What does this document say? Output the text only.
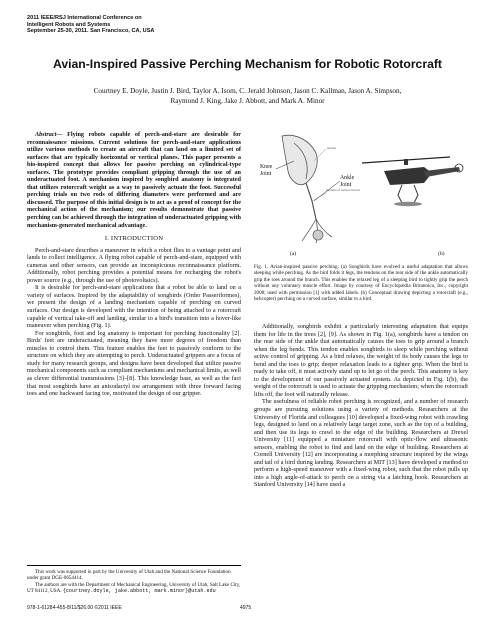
2011 IEEE/RSJ International Conference on
Intelligent Robots and Systems
September 25-30, 2011. San Francisco, CA, USA
Avian-Inspired Passive Perching Mechanism for Robotic Rotorcraft
Courtney E. Doyle, Justin J. Bird, Taylor A. Isom, C. Jerald Johnson, Jason C. Kallman, Jason A. Simpson,
Raymond J. King, Jake J. Abbott, and Mark A. Minor

Abstract— Flying robots capable of perch-and-stare are desirable for reconnaissance missions. Current solutions for perch-and-stare applications utilize various methods to create an aircraft that can land on a limited set of surfaces that are typically horizontal or vertical planes. This paper presents a bio-inspired concept that allows for passive perching on cylindrical-type surfaces. The prototype provides compliant gripping through the use of an underactuated foot. A mechanism inspired by songbird anatomy is integrated that utilizes rotorcraft weight as a way to passively actuate the foot. Successful perching trials on two rods of differing diameters were performed and are discussed. The purpose of this initial design is to act as a proof of concept for the mechanical action of the mechanism; our results demonstrate that passive perching can be achieved through the integration of underactuated gripping with mechanism-generated mechanical advantage.

I. INTRODUCTION

Perch-and-stare describes a maneuver in which a robot flies to a vantage point and lands to collect intelligence. A flying robot capable of perch-and-stare, equipped with cameras and other sensors, can provide an inconspicuous reconnaissance platform. Additionally, robot perching provides a potential means for recharging the robot's power source (e.g., through the use of photovoltaics).

It is desirable for perch-and-stare applications that a robot be able to land on a variety of surfaces. Inspired by the adaptability of songbirds (Order Passeriformes), we present the design of a landing mechanism capable of perching on curved surfaces. Our design is developed with the intention of being attached to a rotorcraft capable of vertical take-off and landing, similar to a bird's transition into a hover-like maneuver when perching (Fig. 1).

For songbirds, foot and leg anatomy is important for perching functionality [2]. Birds' feet are underactuated, meaning they have more degrees of freedom than muscles to control them. This feature enables the feet to passively conform to the structure on which they are attempting to perch. Underactuated grippers are a focus of study for many research groups, and designs have been developed that utilize passive mechanical components such as compliant mechanisms and mechanical limits, as well as clever differential transmissions [3]–[8]. This knowledge base, as well as the fact that most songbirds have an anisodactyl toe arrangement with three forward facing toes and one backward facing toe, motivated the design of our gripper.

This work was supported in part by the University of Utah and the National Science Foundation under grant DGE-0654414.

The authors are with the Department of Mechanical Engineering, University of Utah, Salt Lake City, UT 84112, USA. {courtney.doyle, jake.abbott, mark.minor}@utah.edu

978-1-61284-455-8/11/$26.00 ©2011 IEEE	4975
Knee
Joint
tendon
tendons of various flexors
Ankle
Joint
(a)	(b)
Fig. 1. Avian-inspired passive perching. (a) Songbirds have evolved a useful adaptation that allows sleeping while perching. As the bird folds it legs, the tendons on the rear side of the ankle automatically grip the toes around the branch. This enables the relaxed leg of a sleeping bird to tightly grip the perch without any voluntary muscle effort. Image by courtesy of Encyclopædia Britannica, Inc., copyright 2008; used with permission [1] with added labels. (b) Conceptual drawing depicting a rotorcraft (e.g., helicopter) perching on a curved surface, similar to a bird.

Additionally, songbirds exhibit a particularly interesting adaptation that equips them for life in the trees [2], [9]. As shown in Fig. 1(a), songbirds have a tendon on the rear side of the ankle that automatically causes the toes to grip around a branch when the leg bends. This tendon enables songbirds to sleep while perching without active control of gripping. As a bird relaxes, the weight of its body causes the legs to bend and the toes to grip; deeper relaxation leads to a tighter grip. When the bird is ready to take off, it must actively stand up to let go of the perch. This anatomy is key to the development of our passively actuated system. As depicted in Fig. 1(b), the weight of the rotorcraft is used to actuate the gripping mechanism; when the rotorcraft lifts off, the foot will naturally release.

The usefulness of reliable robot perching is recognized, and a number of research groups are pursuing solutions using a variety of methods. Researchers at the University of Florida and colleagues [10] developed a fixed-wing robot with crawling legs, designed to land on a relatively large target zone, such as the top of a building, and then use its legs to crawl to the edge of the building. Researchers at Drexel University [11] equipped a miniature rotorcraft with optic-flow and ultrasonic sensors, enabling the robot to find and land on the edge of building. Researchers at Cornell University [12] are incorporating a morphing structure inspired by the wings and tail of a bird during landing. Researchers at MIT [13] have developed a method to perform a high-speed maneuver with a fixed-wing robot, such that the robot pulls up into a high angle-of-attack to perch on a string via a latching hook. Researchers at Stanford University [14] have used a
